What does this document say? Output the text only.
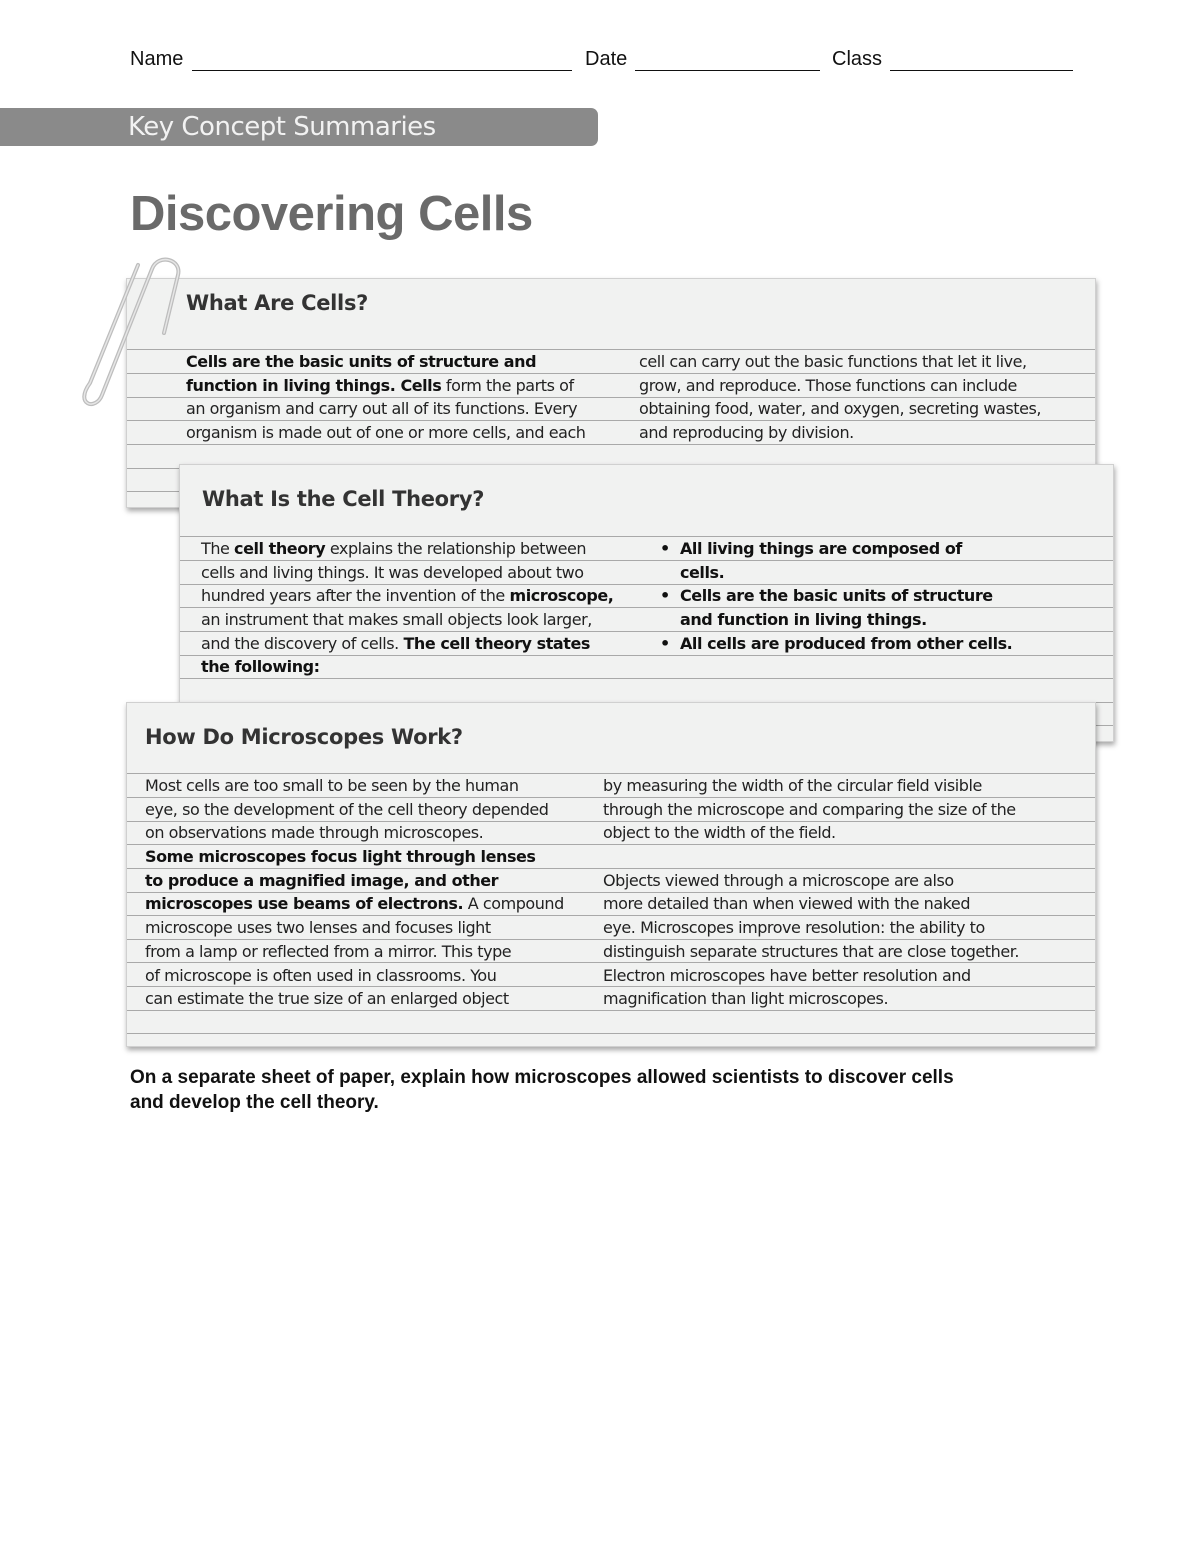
Name	Date	Class
Key Concept Summaries
Discovering Cells
What Are Cells?
Cells are the basic units of structure and
function in living things. Cells form the parts of
an organism and carry out all of its functions. Every
organism is made out of one or more cells, and each
cell can carry out the basic functions that let it live,
grow, and reproduce. Those functions can include
obtaining food, water, and oxygen, secreting wastes,
and reproducing by division.
What Is the Cell Theory?
The cell theory explains the relationship between
cells and living things. It was developed about two
hundred years after the invention of the microscope,
an instrument that makes small objects look larger,
and the discovery of cells. The cell theory states
the following:
• All living things are composed of
cells.
• Cells are the basic units of structure
and function in living things.
• All cells are produced from other cells.
How Do Microscopes Work?
Most cells are too small to be seen by the human
eye, so the development of the cell theory depended
on observations made through microscopes.
Some microscopes focus light through lenses
to produce a magnified image, and other
microscopes use beams of electrons. A compound
microscope uses two lenses and focuses light
from a lamp or reflected from a mirror. This type
of microscope is often used in classrooms. You
can estimate the true size of an enlarged object
by measuring the width of the circular field visible
through the microscope and comparing the size of the
object to the width of the field.
Objects viewed through a microscope are also
more detailed than when viewed with the naked
eye. Microscopes improve resolution: the ability to
distinguish separate structures that are close together.
Electron microscopes have better resolution and
magnification than light microscopes.
On a separate sheet of paper, explain how microscopes allowed scientists to discover cells
and develop the cell theory.
